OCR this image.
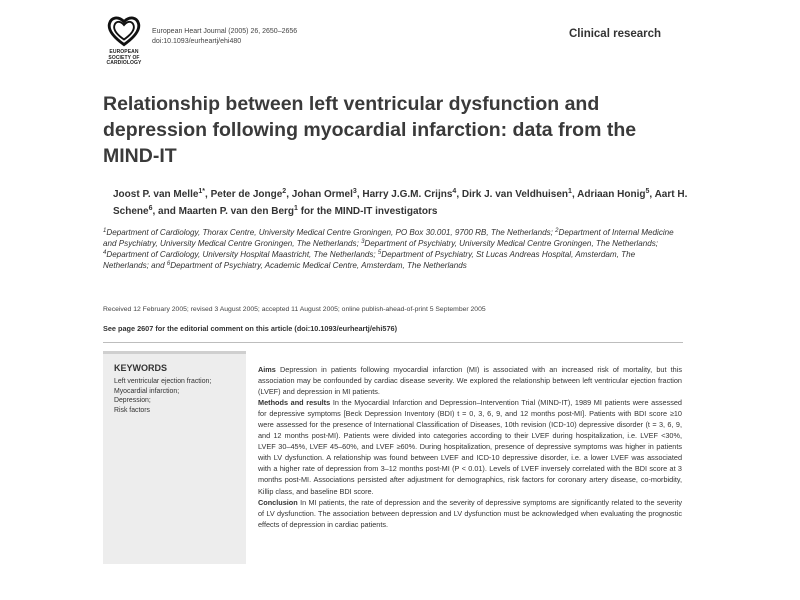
EUROPEAN
SOCIETY OF
CARDIOLOGY
European Heart Journal (2005) 26, 2650–2656
doi:10.1093/eurheartj/ehi480
Clinical research
Relationship between left ventricular dysfunction and depression following myocardial infarction: data from the MIND-IT
Joost P. van Melle$^{1*}$, Peter de Jonge$^2$, Johan Ormel$^3$, Harry J.G.M. Crijns$^4$, Dirk J. van Veldhuisen$^1$, Adriaan Honig$^5$, Aart H. Schene$^6$, and Maarten P. van den Berg$^1$ for the MIND-IT investigators
$^1$Department of Cardiology, Thorax Centre, University Medical Centre Groningen, PO Box 30.001, 9700 RB, The Netherlands; $^2$Department of Internal Medicine and Psychiatry, University Medical Centre Groningen, The Netherlands; $^3$Department of Psychiatry, University Medical Centre Groningen, The Netherlands; $^4$Department of Cardiology, University Hospital Maastricht, The Netherlands; $^5$Department of Psychiatry, St Lucas Andreas Hospital, Amsterdam, The Netherlands; and $^6$Department of Psychiatry, Academic Medical Centre, Amsterdam, The Netherlands
Received 12 February 2005; revised 3 August 2005; accepted 11 August 2005; online publish-ahead-of-print 5 September 2005
See page 2607 for the editorial comment on this article (doi:10.1093/eurheartj/ehi576)
KEYWORDS
Left ventricular ejection fraction;
Myocardial infarction;
Depression;
Risk factors

Aims Depression in patients following myocardial infarction (MI) is associated with an increased risk of mortality, but this association may be confounded by cardiac disease severity. We explored the relationship between left ventricular ejection fraction (LVEF) and depression in MI patients.

Methods and results In the Myocardial Infarction and Depression–Intervention Trial (MIND-IT), 1989 MI patients were assessed for depressive symptoms [Beck Depression Inventory (BDI) t = 0, 3, 6, 9, and 12 months post-MI]. Patients with BDI score ≥10 were assessed for the presence of International Classification of Diseases, 10th revision (ICD-10) depressive disorder (t = 3, 6, 9, and 12 months post-MI). Patients were divided into categories according to their LVEF during hospitalization, i.e. LVEF <30%, LVEF 30–45%, LVEF 45–60%, and LVEF ≥60%. During hospitalization, presence of depressive symptoms was higher in patients with LV dysfunction. A relationship was found between LVEF and ICD-10 depressive disorder, i.e. a lower LVEF was associated with a higher rate of depression from 3–12 months post-MI (P < 0.01). Levels of LVEF inversely correlated with the BDI score at 3 months post-MI. Associations persisted after adjustment for demographics, risk factors for coronary artery disease, co-morbidity, Killip class, and baseline BDI score.

Conclusion In MI patients, the rate of depression and the severity of depressive symptoms are significantly related to the severity of LV dysfunction. The association between depression and LV dysfunction must be acknowledged when evaluating the prognostic effects of depression in cardiac patients.
